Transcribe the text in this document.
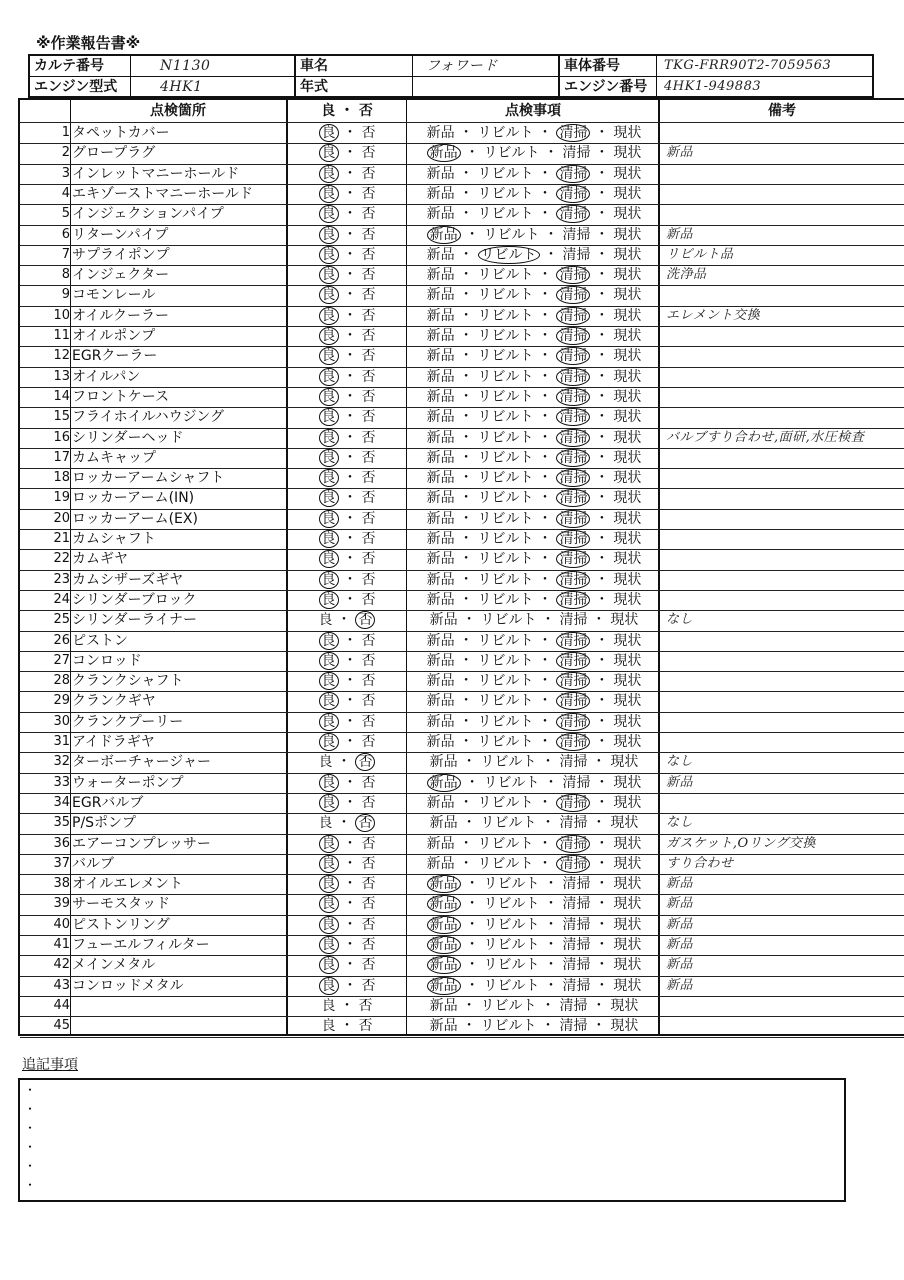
※作業報告書※
カルテ番号	N1130
エンジン型式	4HK1
車名	フォワード
年式
車体番号	TKG-FRR90T2-7059563
エンジン番号 4HK1-949883
点検箇所	良 ・ 否	点検事項	備考
1 タペットカバー	良 ・ 否	新品 ・ リビルト ・ 清掃 ・ 現状
2 グロープラグ	良 ・ 否	新品 ・ リビルト ・ 清掃 ・ 現状	新品
3 インレットマニーホールド	良 ・ 否	新品 ・ リビルト ・ 清掃 ・ 現状
4 エキゾーストマニーホールド	良 ・ 否	新品 ・ リビルト ・ 清掃 ・ 現状
5 インジェクションパイプ	良 ・ 否	新品 ・ リビルト ・ 清掃 ・ 現状
6 リターンパイプ	良 ・ 否	新品 ・ リビルト ・ 清掃 ・ 現状	新品
7 サプライポンプ	良 ・ 否	新品 ・ リビルト ・ 清掃 ・ 現状	リビルト品
8 インジェクター	良 ・ 否	新品 ・ リビルト ・ 清掃 ・ 現状	洗浄品
9 コモンレール	良 ・ 否	新品 ・ リビルト ・ 清掃 ・ 現状
10 オイルクーラー	良 ・ 否	新品 ・ リビルト ・ 清掃 ・ 現状	エレメント交換
11 オイルポンプ	良 ・ 否	新品 ・ リビルト ・ 清掃 ・ 現状
12 EGRクーラー	良 ・ 否	新品 ・ リビルト ・ 清掃 ・ 現状
13 オイルパン	良 ・ 否	新品 ・ リビルト ・ 清掃 ・ 現状
14 フロントケース	良 ・ 否	新品 ・ リビルト ・ 清掃 ・ 現状
15 フライホイルハウジング	良 ・ 否	新品 ・ リビルト ・ 清掃 ・ 現状
16 シリンダーヘッド	良 ・ 否	新品 ・ リビルト ・ 清掃 ・ 現状	バルブすり合わせ,面研,水圧検査
17 カムキャップ	良 ・ 否	新品 ・ リビルト ・ 清掃 ・ 現状
18 ロッカーアームシャフト	良 ・ 否	新品 ・ リビルト ・ 清掃 ・ 現状
19 ロッカーアーム(IN)	良 ・ 否	新品 ・ リビルト ・ 清掃 ・ 現状
20 ロッカーアーム(EX)	良 ・ 否	新品 ・ リビルト ・ 清掃 ・ 現状
21 カムシャフト	良 ・ 否	新品 ・ リビルト ・ 清掃 ・ 現状
22 カムギヤ	良 ・ 否	新品 ・ リビルト ・ 清掃 ・ 現状
23 カムシザーズギヤ	良 ・ 否	新品 ・ リビルト ・ 清掃 ・ 現状
24 シリンダーブロック	良 ・ 否	新品 ・ リビルト ・ 清掃 ・ 現状
25 シリンダーライナー	良 ・ 否	新品 ・ リビルト ・ 清掃 ・ 現状	なし
26 ピストン	良 ・ 否	新品 ・ リビルト ・ 清掃 ・ 現状
27 コンロッド	良 ・ 否	新品 ・ リビルト ・ 清掃 ・ 現状
28 クランクシャフト	良 ・ 否	新品 ・ リビルト ・ 清掃 ・ 現状
29 クランクギヤ	良 ・ 否	新品 ・ リビルト ・ 清掃 ・ 現状
30 クランクプーリー	良 ・ 否	新品 ・ リビルト ・ 清掃 ・ 現状
31 アイドラギヤ	良 ・ 否	新品 ・ リビルト ・ 清掃 ・ 現状
32 ターボーチャージャー	良 ・ 否	新品 ・ リビルト ・ 清掃 ・ 現状	なし
33 ウォーターポンプ	良 ・ 否	新品 ・ リビルト ・ 清掃 ・ 現状	新品
34 EGRバルブ	良 ・ 否	新品 ・ リビルト ・ 清掃 ・ 現状
35 P/Sポンプ	良 ・ 否	新品 ・ リビルト ・ 清掃 ・ 現状	なし
36 エアーコンプレッサー	良 ・ 否	新品 ・ リビルト ・ 清掃 ・ 現状	ガスケット,Oリング交換
37 バルブ	良 ・ 否	新品 ・ リビルト ・ 清掃 ・ 現状	すり合わせ
38 オイルエレメント	良 ・ 否	新品 ・ リビルト ・ 清掃 ・ 現状	新品
39 サーモスタッド	良 ・ 否	新品 ・ リビルト ・ 清掃 ・ 現状	新品
40 ピストンリング	良 ・ 否	新品 ・ リビルト ・ 清掃 ・ 現状	新品
41 フューエルフィルター	良 ・ 否	新品 ・ リビルト ・ 清掃 ・ 現状	新品
42 メインメタル	良 ・ 否	新品 ・ リビルト ・ 清掃 ・ 現状	新品
43 コンロッドメタル	良 ・ 否	新品 ・ リビルト ・ 清掃 ・ 現状	新品
44	良 ・ 否	新品 ・ リビルト ・ 清掃 ・ 現状
45	良 ・ 否	新品 ・ リビルト ・ 清掃 ・ 現状
追記事項
・
・
・
・
・
・
